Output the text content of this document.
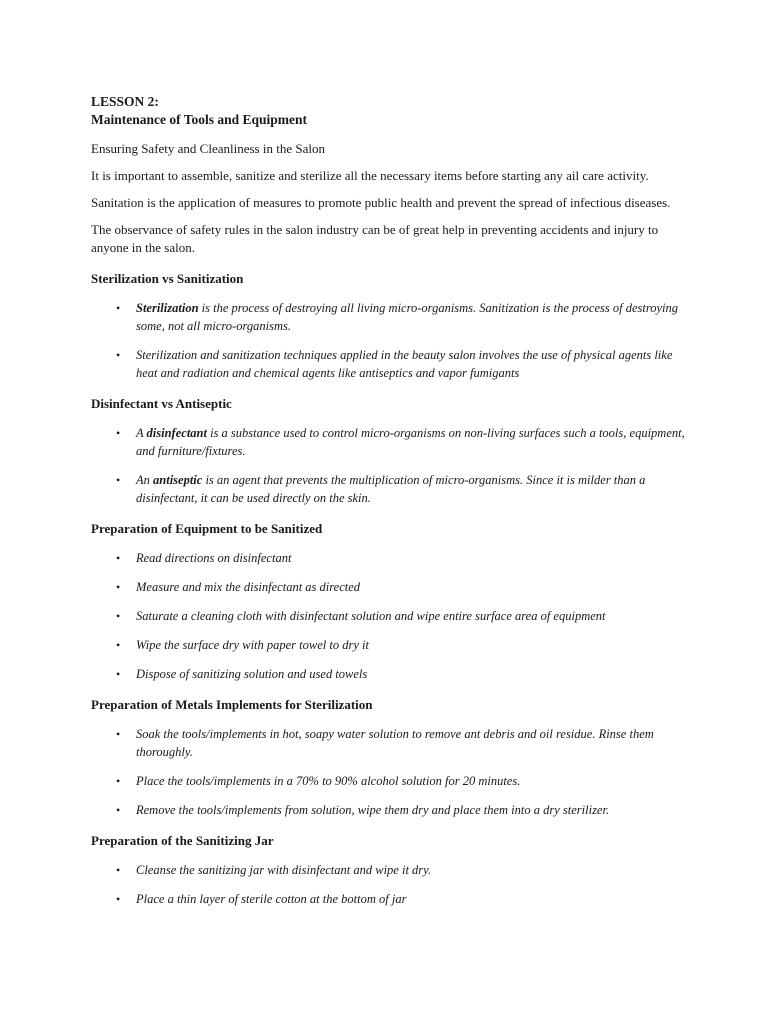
LESSON 2:

Maintenance of Tools and Equipment

Ensuring Safety and Cleanliness in the Salon

It is important to assemble, sanitize and sterilize all the necessary items before starting any ail care activity.

Sanitation is the application of measures to promote public health and prevent the spread of infectious diseases.

The observance of safety rules in the salon industry can be of great help in preventing accidents and injury to anyone in the salon.

Sterilization vs Sanitization

• Sterilization is the process of destroying all living micro-organisms. Sanitization is the process of destroying some, not all micro-organisms.
• Sterilization and sanitization techniques applied in the beauty salon involves the use of physical agents like heat and radiation and chemical agents like antiseptics and vapor fumigants

Disinfectant vs Antiseptic

• A disinfectant is a substance used to control micro-organisms on non-living surfaces such a tools, equipment, and furniture/fixtures.
• An antiseptic is an agent that prevents the multiplication of micro-organisms. Since it is milder than a disinfectant, it can be used directly on the skin.

Preparation of Equipment to be Sanitized

• Read directions on disinfectant
• Measure and mix the disinfectant as directed
• Saturate a cleaning cloth with disinfectant solution and wipe entire surface area of equipment
• Wipe the surface dry with paper towel to dry it
• Dispose of sanitizing solution and used towels

Preparation of Metals Implements for Sterilization

• Soak the tools/implements in hot, soapy water solution to remove ant debris and oil residue. Rinse them thoroughly.
• Place the tools/implements in a 70% to 90% alcohol solution for 20 minutes.
• Remove the tools/implements from solution, wipe them dry and place them into a dry sterilizer.

Preparation of the Sanitizing Jar

• Cleanse the sanitizing jar with disinfectant and wipe it dry.
• Place a thin layer of sterile cotton at the bottom of jar
